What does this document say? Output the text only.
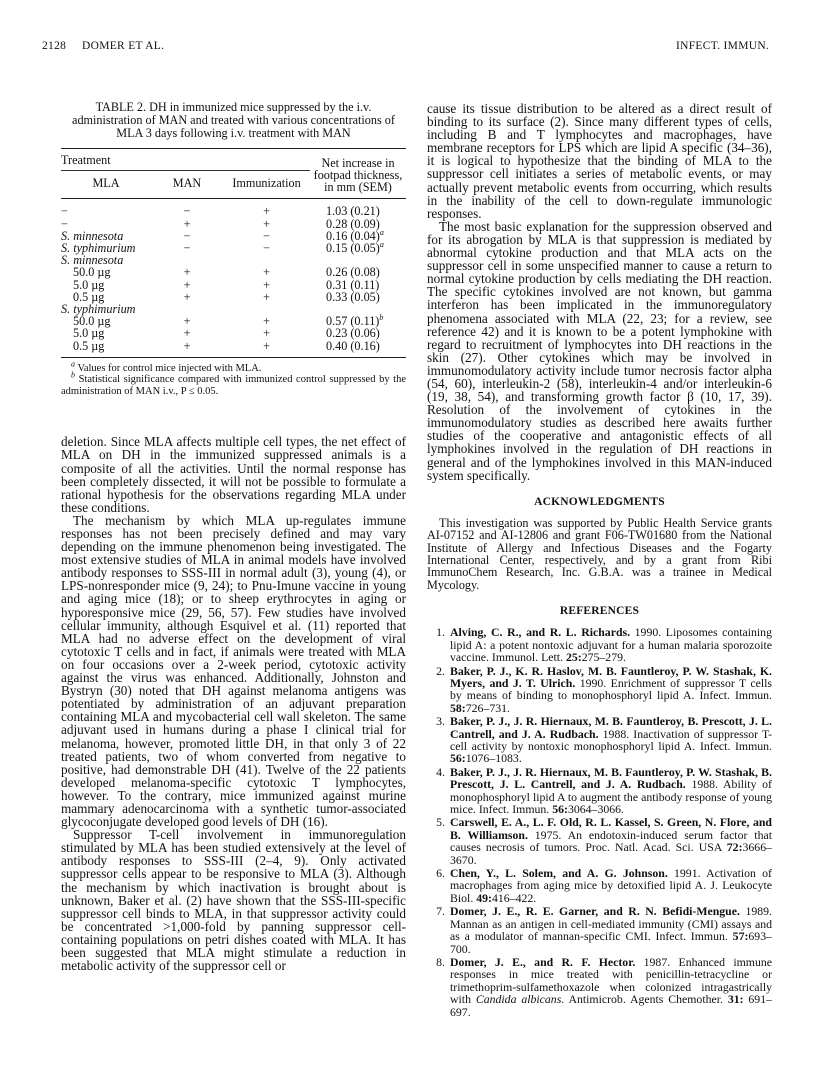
2128 DOMER ET AL.	INFECT. IMMUN.
TABLE 2. DH in immunized mice suppressed by the i.v. administration of MAN and treated with various concentrations of MLA 3 days following i.v. treatment with MAN
Treatment			Net increase in footpad thickness, in mm (SEM)
MLA	MAN	Immunization	
−	−	+	1.03 (0.21)
−	+	+	0.28 (0.09)
S. minnesota	−	−	0.16 $(0.04)^a$
S. typhimurium	−	−	0.15 $(0.05)^a$
S. minnesota			
50.0 µg	+	+	0.26 (0.08)
5.0 µg	+	+	0.31 (0.11)
0.5 µg	+	+	0.33 (0.05)
S. typhimurium			
50.0 µg	+	+	0.57 $(0.11)^b$
5.0 µg	+	+	0.23 (0.06)
0.5 µg	+	+	0.40 (0.16)
$^a$ Values for control mice injected with MLA.
$^b$ Statistical significance compared with immunized control suppressed by the administration of MAN i.v., P ≤ 0.05.

deletion. Since MLA affects multiple cell types, the net effect of MLA on DH in the immunized suppressed animals is a composite of all the activities. Until the normal response has been completely dissected, it will not be possible to formulate a rational hypothesis for the observations regarding MLA under these conditions.

The mechanism by which MLA up-regulates immune responses has not been precisely defined and may vary depending on the immune phenomenon being investigated. The most extensive studies of MLA in animal models have involved antibody responses to SSS-III in normal adult (3), young (4), or LPS-nonresponder mice (9, 24); to Pnu-Imune vaccine in young and aging mice (18); or to sheep erythrocytes in aging or hyporesponsive mice (29, 56, 57). Few studies have involved cellular immunity, although Esquivel et al. (11) reported that MLA had no adverse effect on the development of viral cytotoxic T cells and in fact, if animals were treated with MLA on four occasions over a 2-week period, cytotoxic activity against the virus was enhanced. Additionally, Johnston and Bystryn (30) noted that DH against melanoma antigens was potentiated by administration of an adjuvant preparation containing MLA and mycobacterial cell wall skeleton. The same adjuvant used in humans during a phase I clinical trial for melanoma, however, promoted little DH, in that only 3 of 22 treated patients, two of whom converted from negative to positive, had demonstrable DH (41). Twelve of the 22 patients developed melanoma-specific cytotoxic T lymphocytes, however. To the contrary, mice immunized against murine mammary adenocarcinoma with a synthetic tumor-associated glycoconjugate developed good levels of DH (16).

Suppressor T-cell involvement in immunoregulation stimulated by MLA has been studied extensively at the level of antibody responses to SSS-III (2–4, 9). Only activated suppressor cells appear to be responsive to MLA (3). Although the mechanism by which inactivation is brought about is unknown, Baker et al. (2) have shown that the SSS-III-specific suppressor cell binds to MLA, in that suppressor activity could be concentrated >1,000-fold by panning suppressor cell-containing populations on petri dishes coated with MLA. It has been suggested that MLA might stimulate a reduction in metabolic activity of the suppressor cell or

cause its tissue distribution to be altered as a direct result of binding to its surface (2). Since many different types of cells, including B and T lymphocytes and macrophages, have membrane receptors for LPS which are lipid A specific (34–36), it is logical to hypothesize that the binding of MLA to the suppressor cell initiates a series of metabolic events, or may actually prevent metabolic events from occurring, which results in the inability of the cell to down-regulate immunologic responses.

The most basic explanation for the suppression observed and for its abrogation by MLA is that suppression is mediated by abnormal cytokine production and that MLA acts on the suppressor cell in some unspecified manner to cause a return to normal cytokine production by cells mediating the DH reaction. The specific cytokines involved are not known, but gamma interferon has been implicated in the immunoregulatory phenomena associated with MLA (22, 23; for a review, see reference 42) and it is known to be a potent lymphokine with regard to recruitment of lymphocytes into DH reactions in the skin (27). Other cytokines which may be involved in immunomodulatory activity include tumor necrosis factor alpha (54, 60), interleukin-2 (58), interleukin-4 and/or interleukin-6 (19, 38, 54), and transforming growth factor β (10, 17, 39). Resolution of the involvement of cytokines in the immunomodulatory studies as described here awaits further studies of the cooperative and antagonistic effects of all lymphokines involved in the regulation of DH reactions in general and of the lymphokines involved in this MAN-induced system specifically.

ACKNOWLEDGMENTS

This investigation was supported by Public Health Service grants AI-07152 and AI-12806 and grant F06-TW01680 from the National Institute of Allergy and Infectious Diseases and the Fogarty International Center, respectively, and by a grant from Ribi ImmunoChem Research, Inc. G.B.A. was a trainee in Medical Mycology.

REFERENCES
1. Alving, C. R., and R. L. Richards. 1990. Liposomes containing lipid A: a potent nontoxic adjuvant for a human malaria sporozoite vaccine. Immunol. Lett. 25:275–279.
2. Baker, P. J., K. R. Haslov, M. B. Fauntleroy, P. W. Stashak, K. Myers, and J. T. Ulrich. 1990. Enrichment of suppressor T cells by means of binding to monophosphoryl lipid A. Infect. Immun. 58:726–731.
3. Baker, P. J., J. R. Hiernaux, M. B. Fauntleroy, B. Prescott, J. L. Cantrell, and J. A. Rudbach. 1988. Inactivation of suppressor T-cell activity by nontoxic monophosphoryl lipid A. Infect. Immun. 56:1076–1083.
4. Baker, P. J., J. R. Hiernaux, M. B. Fauntleroy, P. W. Stashak, B. Prescott, J. L. Cantrell, and J. A. Rudbach. 1988. Ability of monophosphoryl lipid A to augment the antibody response of young mice. Infect. Immun. 56:3064–3066.
5. Carswell, E. A., L. F. Old, R. L. Kassel, S. Green, N. Flore, and B. Williamson. 1975. An endotoxin-induced serum factor that causes necrosis of tumors. Proc. Natl. Acad. Sci. USA 72:3666–3670.
6. Chen, Y., L. Solem, and A. G. Johnson. 1991. Activation of macrophages from aging mice by detoxified lipid A. J. Leukocyte Biol. 49:416–422.
7. Domer, J. E., R. E. Garner, and R. N. Befidi-Mengue. 1989. Mannan as an antigen in cell-mediated immunity (CMI) assays and as a modulator of mannan-specific CMI. Infect. Immun. 57:693–700.
8. Domer, J. E., and R. F. Hector. 1987. Enhanced immune responses in mice treated with penicillin-tetracycline or trimethoprim-sulfamethoxazole when colonized intragastrically with Candida albicans. Antimicrob. Agents Chemother. 31: 691–697.
